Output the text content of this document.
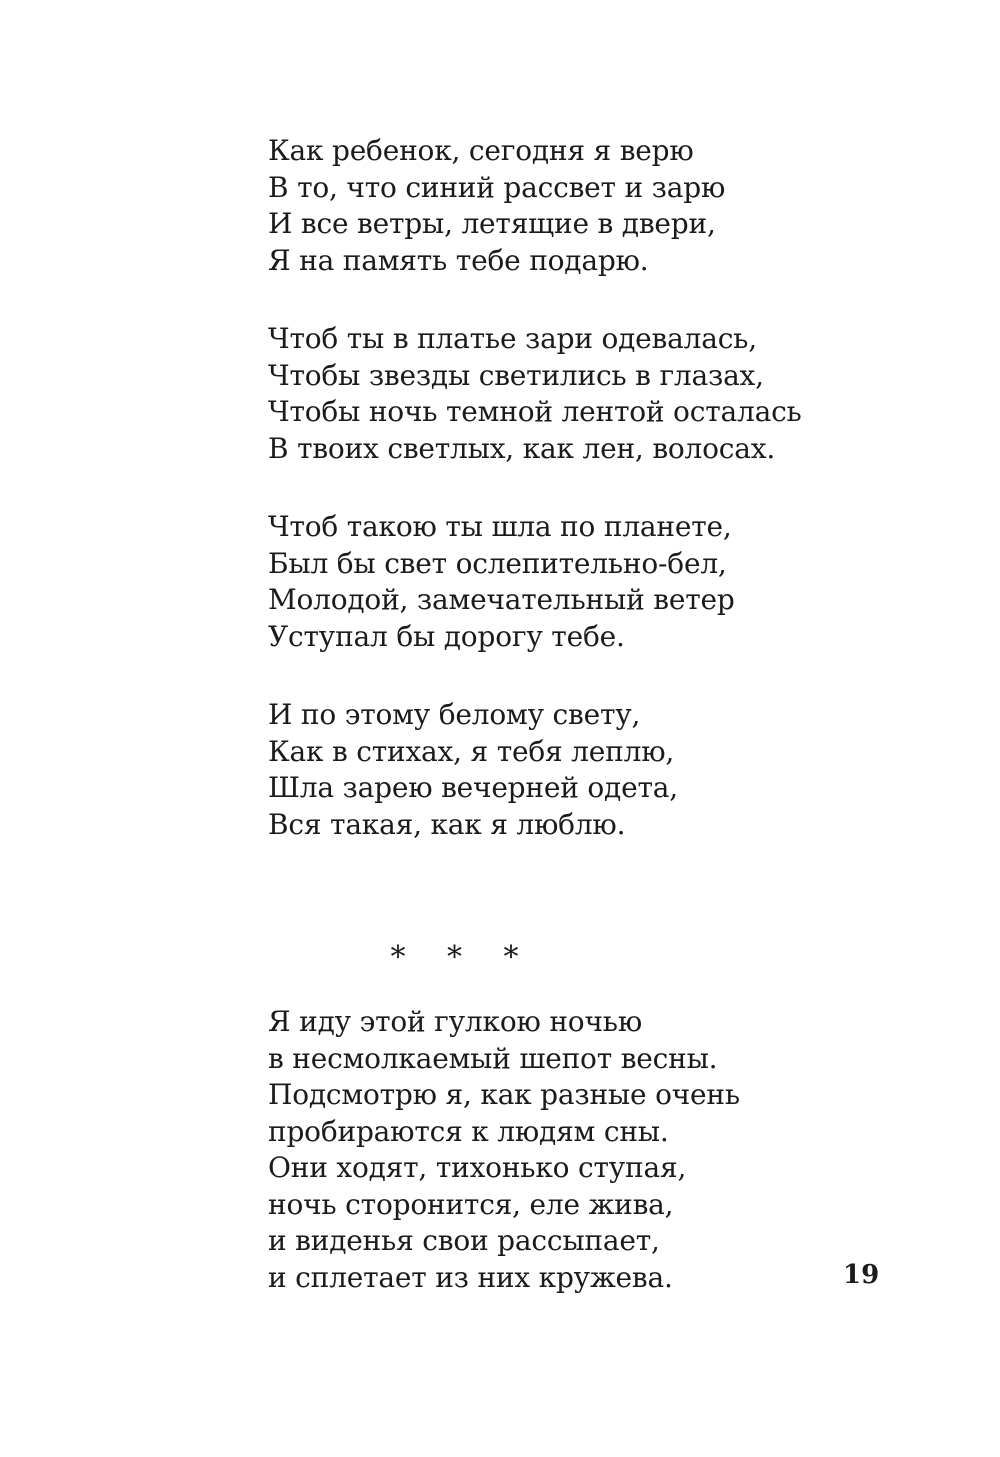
Как ребенок, сегодня я верю
В то, что синий рассвет и зарю
И все ветры, летящие в двери,
Я на память тебе подарю.
Чтоб ты в платье зари одевалась,
Чтобы звезды светились в глазах,
Чтобы ночь темной лентой осталась
В твоих светлых, как лен, волосах.
Чтоб такою ты шла по планете,
Был бы свет ослепительно-бел,
Молодой, замечательный ветер
Уступал бы дорогу тебе.
И по этому белому свету,
Как в стихах, я тебя леплю,
Шла зарею вечерней одета,
Вся такая, как я люблю.
* * *
Я иду этой гулкою ночью
в несмолкаемый шепот весны.
Подсмотрю я, как разные очень
пробираются к людям сны.
Они ходят, тихонько ступая,
ночь сторонится, еле жива,
и виденья свои рассыпает,
и сплетает из них кружева.	19
